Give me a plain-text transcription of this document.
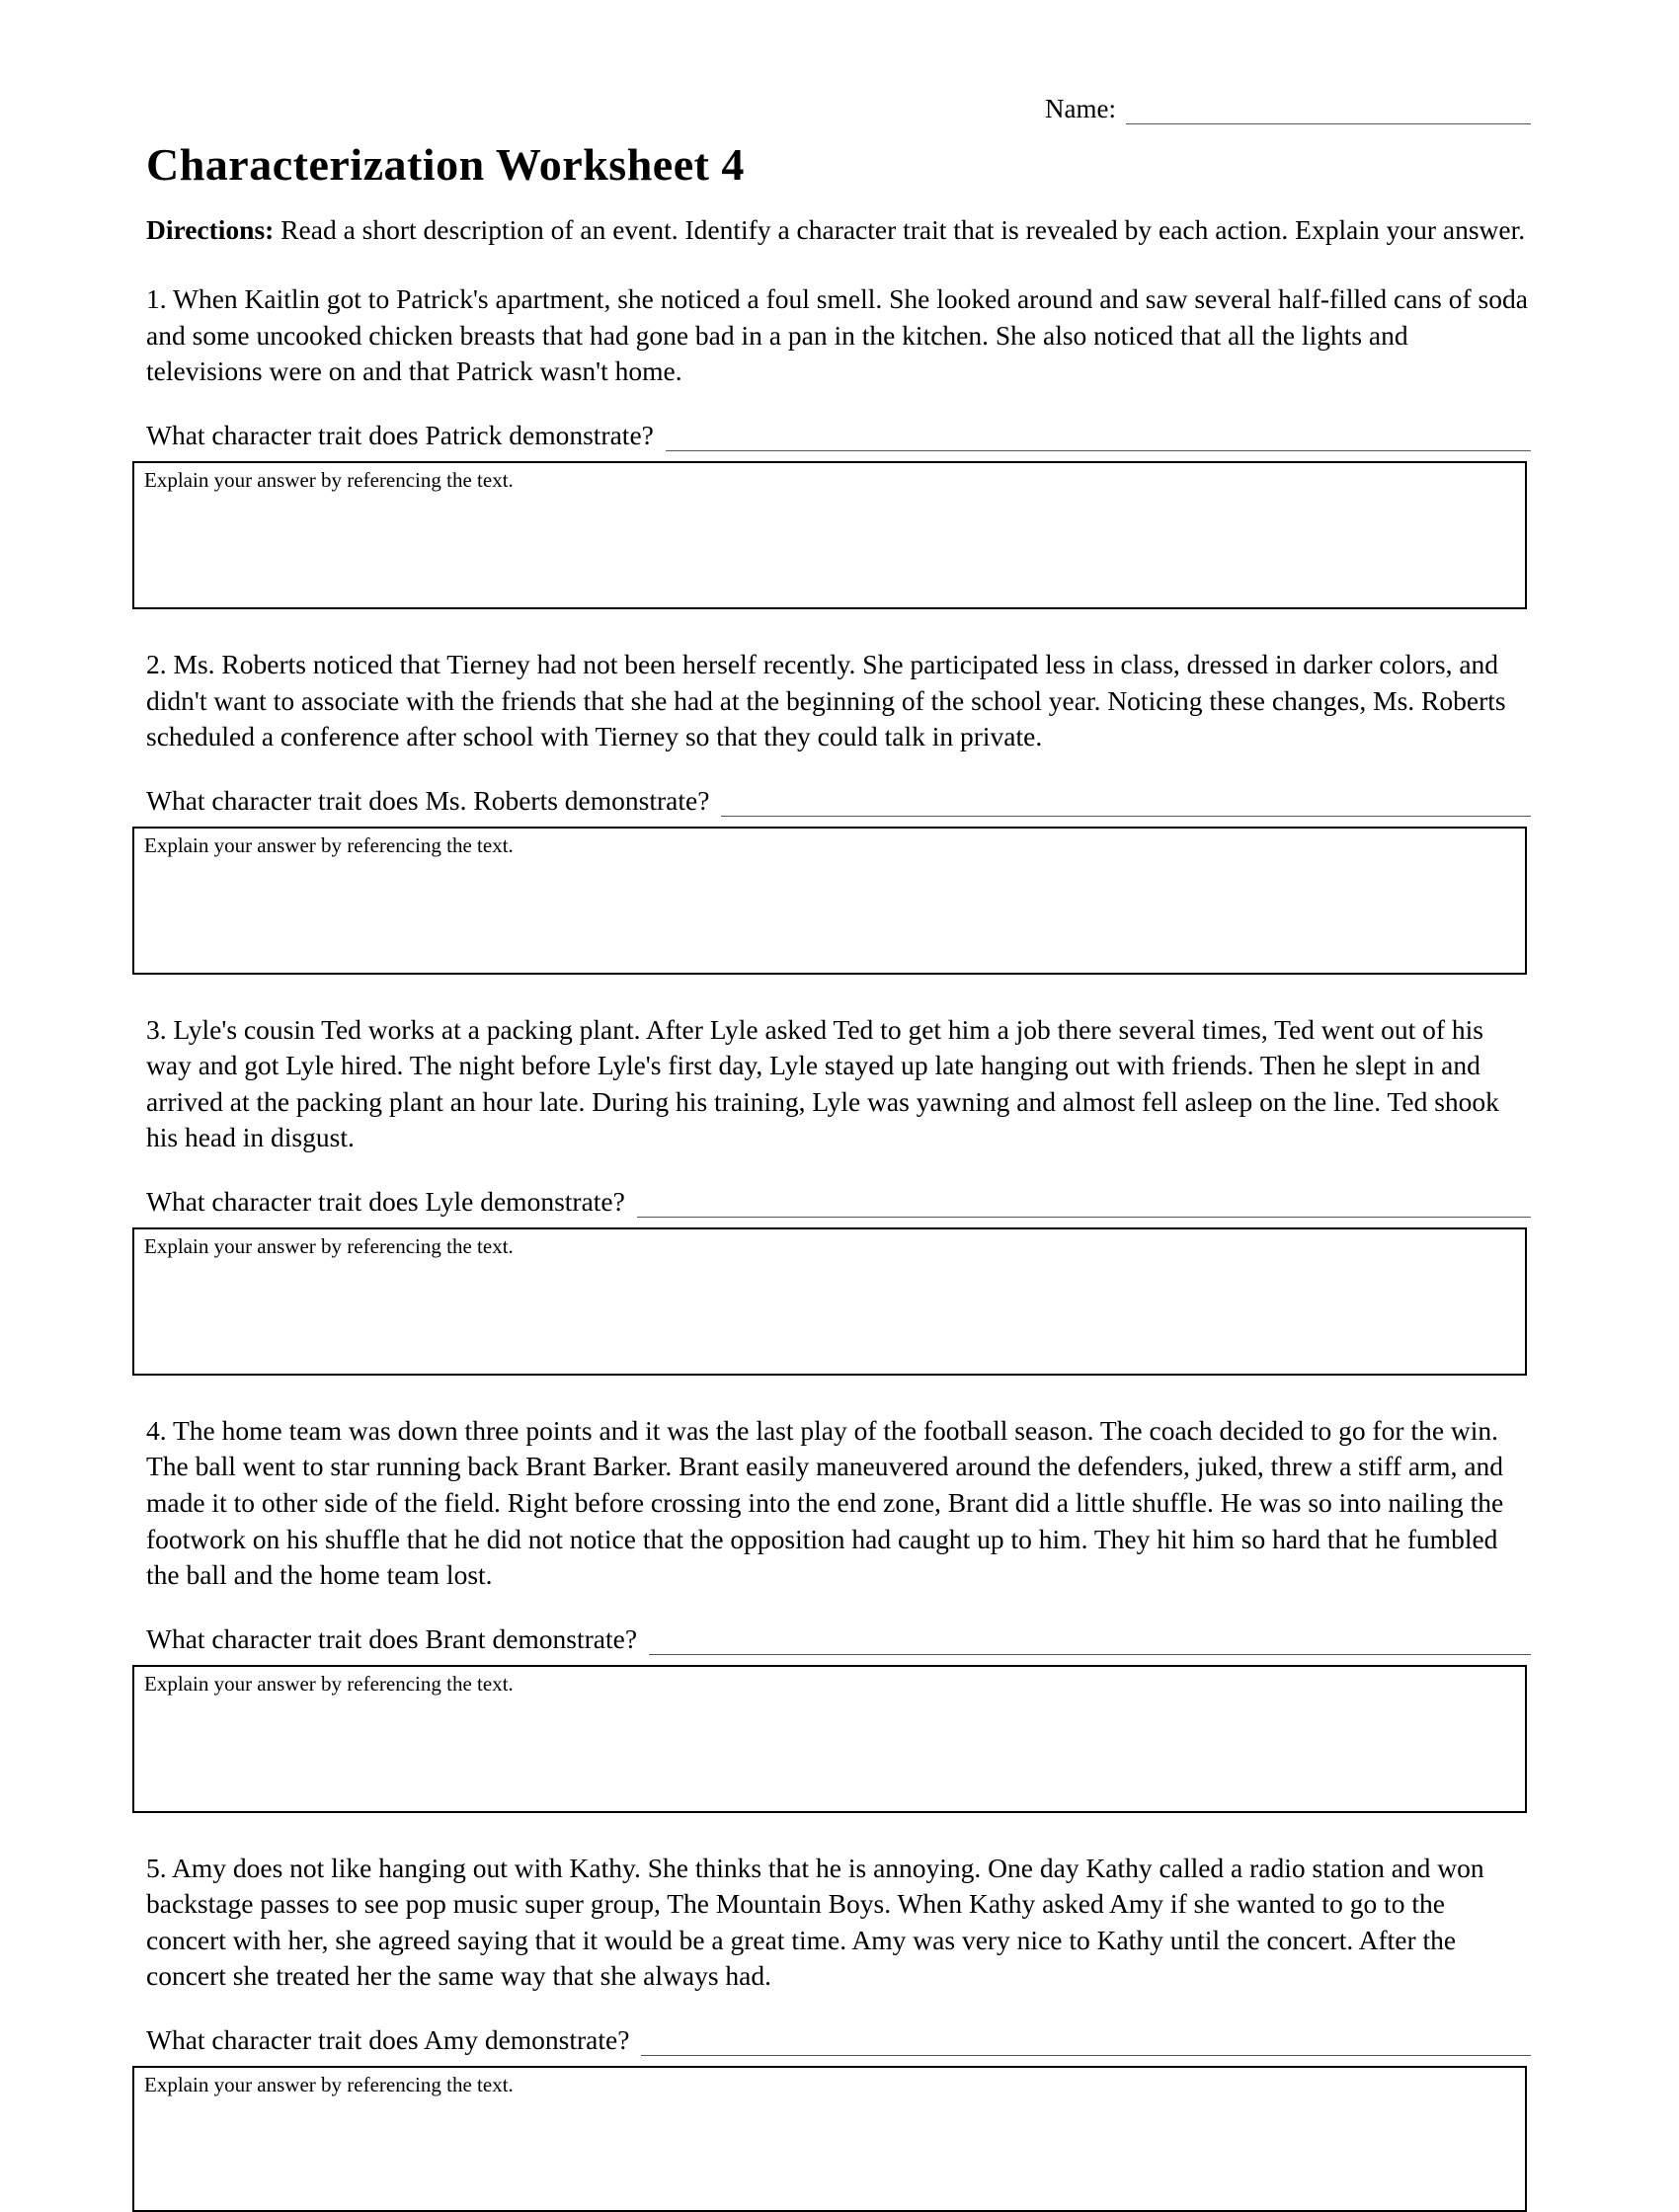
Name:
Characterization Worksheet 4

Directions: Read a short description of an event. Identify a character trait that is revealed by each action. Explain your answer.

1. When Kaitlin got to Patrick's apartment, she noticed a foul smell. She looked around and saw several half-filled cans of soda and some uncooked chicken breasts that had gone bad in a pan in the kitchen. She also noticed that all the lights and televisions were on and that Patrick wasn't home.

What character trait does Patrick demonstrate?
Explain your answer by referencing the text.

2. Ms. Roberts noticed that Tierney had not been herself recently. She participated less in class, dressed in darker colors, and didn't want to associate with the friends that she had at the beginning of the school year. Noticing these changes, Ms. Roberts scheduled a conference after school with Tierney so that they could talk in private.

What character trait does Ms. Roberts demonstrate?
Explain your answer by referencing the text.

3. Lyle's cousin Ted works at a packing plant. After Lyle asked Ted to get him a job there several times, Ted went out of his way and got Lyle hired. The night before Lyle's first day, Lyle stayed up late hanging out with friends. Then he slept in and arrived at the packing plant an hour late. During his training, Lyle was yawning and almost fell asleep on the line. Ted shook his head in disgust.

What character trait does Lyle demonstrate?
Explain your answer by referencing the text.

4. The home team was down three points and it was the last play of the football season. The coach decided to go for the win. The ball went to star running back Brant Barker. Brant easily maneuvered around the defenders, juked, threw a stiff arm, and made it to other side of the field. Right before crossing into the end zone, Brant did a little shuffle. He was so into nailing the footwork on his shuffle that he did not notice that the opposition had caught up to him. They hit him so hard that he fumbled the ball and the home team lost.

What character trait does Brant demonstrate?
Explain your answer by referencing the text.

5. Amy does not like hanging out with Kathy. She thinks that he is annoying. One day Kathy called a radio station and won backstage passes to see pop music super group, The Mountain Boys. When Kathy asked Amy if she wanted to go to the concert with her, she agreed saying that it would be a great time. Amy was very nice to Kathy until the concert. After the concert she treated her the same way that she always had.

What character trait does Amy demonstrate?
Explain your answer by referencing the text.
